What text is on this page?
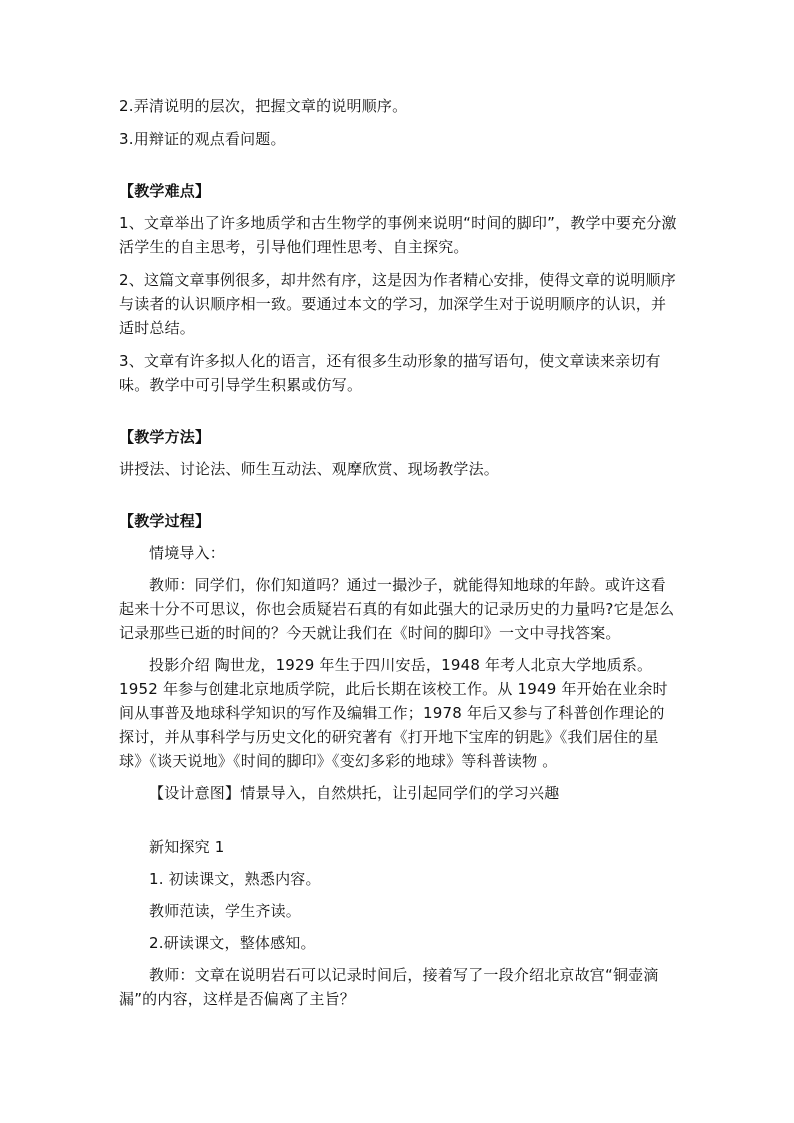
2.弄清说明的层次，把握文章的说明顺序。

3.用辩证的观点看问题。

【教学难点】

1、文章举出了许多地质学和古生物学的事例来说明“时间的脚印”，教学中要充分激活学生的自主思考，引导他们理性思考、自主探究。

2、这篇文章事例很多，却井然有序，这是因为作者精心安排，使得文章的说明顺序与读者的认识顺序相一致。要通过本文的学习，加深学生对于说明顺序的认识，并适时总结。

3、文章有许多拟人化的语言，还有很多生动形象的描写语句，使文章读来亲切有味。教学中可引导学生积累或仿写。

【教学方法】

讲授法、讨论法、师生互动法、观摩欣赏、现场教学法。

【教学过程】

情境导入：

教师：同学们，你们知道吗？通过一撮沙子，就能得知地球的年龄。或许这看起来十分不可思议，你也会质疑岩石真的有如此强大的记录历史的力量吗?它是怎么记录那些已逝的时间的？今天就让我们在《时间的脚印》一文中寻找答案。

投影介绍 陶世龙，1929 年生于四川安岳，1948 年考人北京大学地质系。1952 年参与创建北京地质学院，此后长期在该校工作。从 1949 年开始在业余时间从事普及地球科学知识的写作及编辑工作；1978 年后又参与了科普创作理论的探讨，并从事科学与历史文化的研究著有《打开地下宝库的钥匙》《我们居住的星球》《谈天说地》《时间的脚印》《变幻多彩的地球》等科普读物 。

【设计意图】情景导入，自然烘托，让引起同学们的学习兴趣

新知探究 1

1. 初读课文，熟悉内容。

教师范读，学生齐读。

2.研读课文，整体感知。

教师：文章在说明岩石可以记录时间后，接着写了一段介绍北京故宫“铜壶滴漏”的内容，这样是否偏离了主旨？
